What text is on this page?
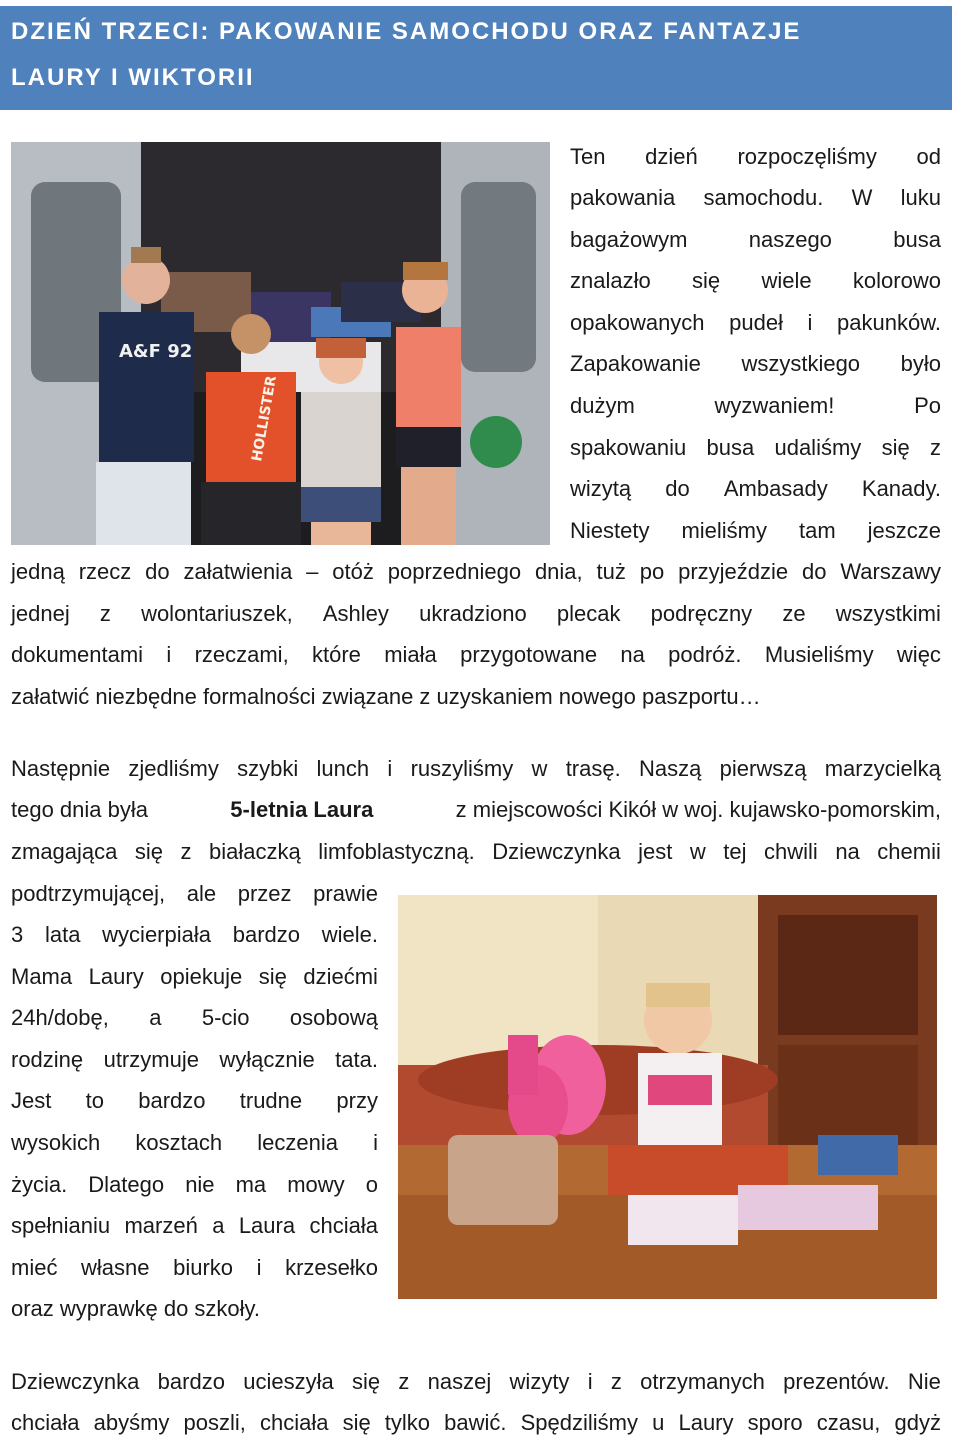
DZIEŃ TRZECI: PAKOWANIE SAMOCHODU ORAZ FANTAZJE
LAURY I WIKTORII
A&F 92
HOLLISTER
Ten dzień rozpoczęliśmy od
pakowania samochodu. W luku
bagażowym	naszego	busa
znalazło się wiele kolorowo
opakowanych pudeł i pakunków.
Zapakowanie wszystkiego było
dużym	wyzwaniem!	Po
spakowaniu busa udaliśmy się z
wizytą do Ambasady Kanady.
Niestety mieliśmy tam jeszcze
jedną rzecz do załatwienia – otóż poprzedniego dnia, tuż po przyjeździe do Warszawy
jednej z wolontariuszek, Ashley ukradziono plecak podręczny ze wszystkimi
dokumentami i rzeczami, które miała przygotowane na podróż. Musieliśmy więc
załatwić niezbędne formalności związane z uzyskaniem nowego paszportu…
Następnie zjedliśmy szybki lunch i ruszyliśmy w trasę. Naszą pierwszą marzycielką
tego dnia była	5-letnia Laura	z miejscowości Kikół w woj. kujawsko-pomorskim,
zmagająca się z białaczką limfoblastyczną. Dziewczynka jest w tej chwili na chemii
podtrzymującej, ale przez prawie
3 lata wycierpiała bardzo wiele.
Mama Laury opiekuje się dziećmi
24h/dobę, a 5-cio osobową
rodzinę utrzymuje wyłącznie tata.
Jest to bardzo trudne przy
wysokich kosztach leczenia i
życia. Dlatego nie ma mowy o
spełnianiu marzeń a Laura chciała
mieć własne biurko i krzesełko
oraz wyprawkę do szkoły.
Dziewczynka bardzo ucieszyła się z naszej wizyty i z otrzymanych prezentów. Nie
chciała abyśmy poszli, chciała się tylko bawić. Spędziliśmy u Laury sporo czasu, gdyż
